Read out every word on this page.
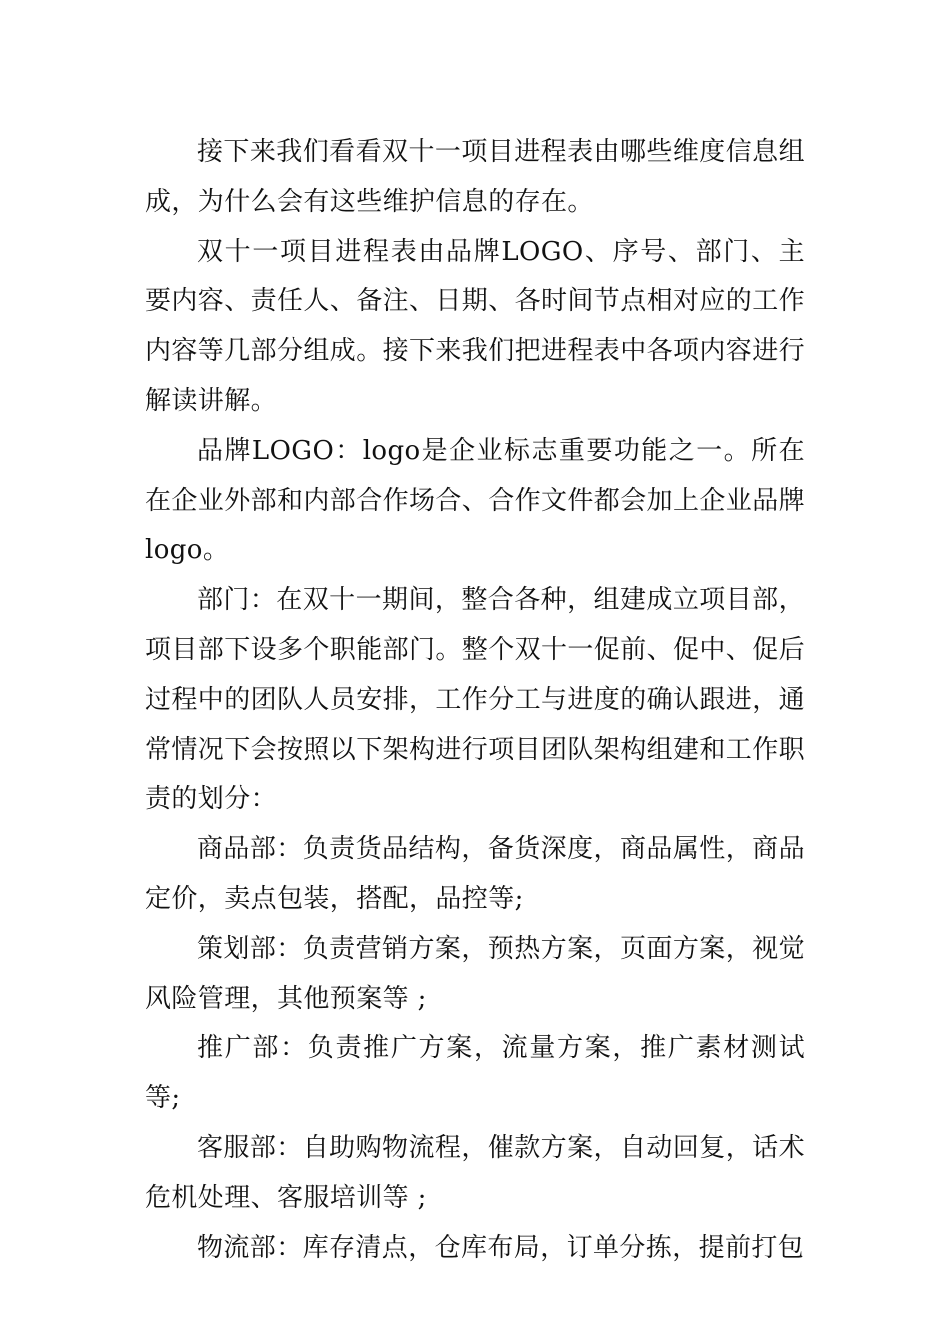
接下来我们看看双十一项目进程表由哪些维度信息组成，为什么会有这些维护信息的存在。

双十一项目进程表由品牌LOGO、序号、部门、主要内容、责任人、备注、日期、各时间节点相对应的工作内容等几部分组成。接下来我们把进程表中各项内容进行解读讲解。

品牌LOGO：logo是企业标志重要功能之一。所在在企业外部和内部合作场合、合作文件都会加上企业品牌logo。

部门：在双十一期间，整合各种，组建成立项目部，项目部下设多个职能部门。整个双十一促前、促中、促后过程中的团队人员安排，工作分工与进度的确认跟进，通常情况下会按照以下架构进行项目团队架构组建和工作职责的划分：

商品部：负责货品结构，备货深度，商品属性，商品定价，卖点包装，搭配，品控等;

策划部：负责营销方案，预热方案，页面方案，视觉风险管理，其他预案等 ;

推广部：负责推广方案，流量方案，推广素材测试等;

客服部：自助购物流程，催款方案，自动回复，话术危机处理、客服培训等 ;

物流部：库存清点，仓库布局，订单分拣，提前打包
